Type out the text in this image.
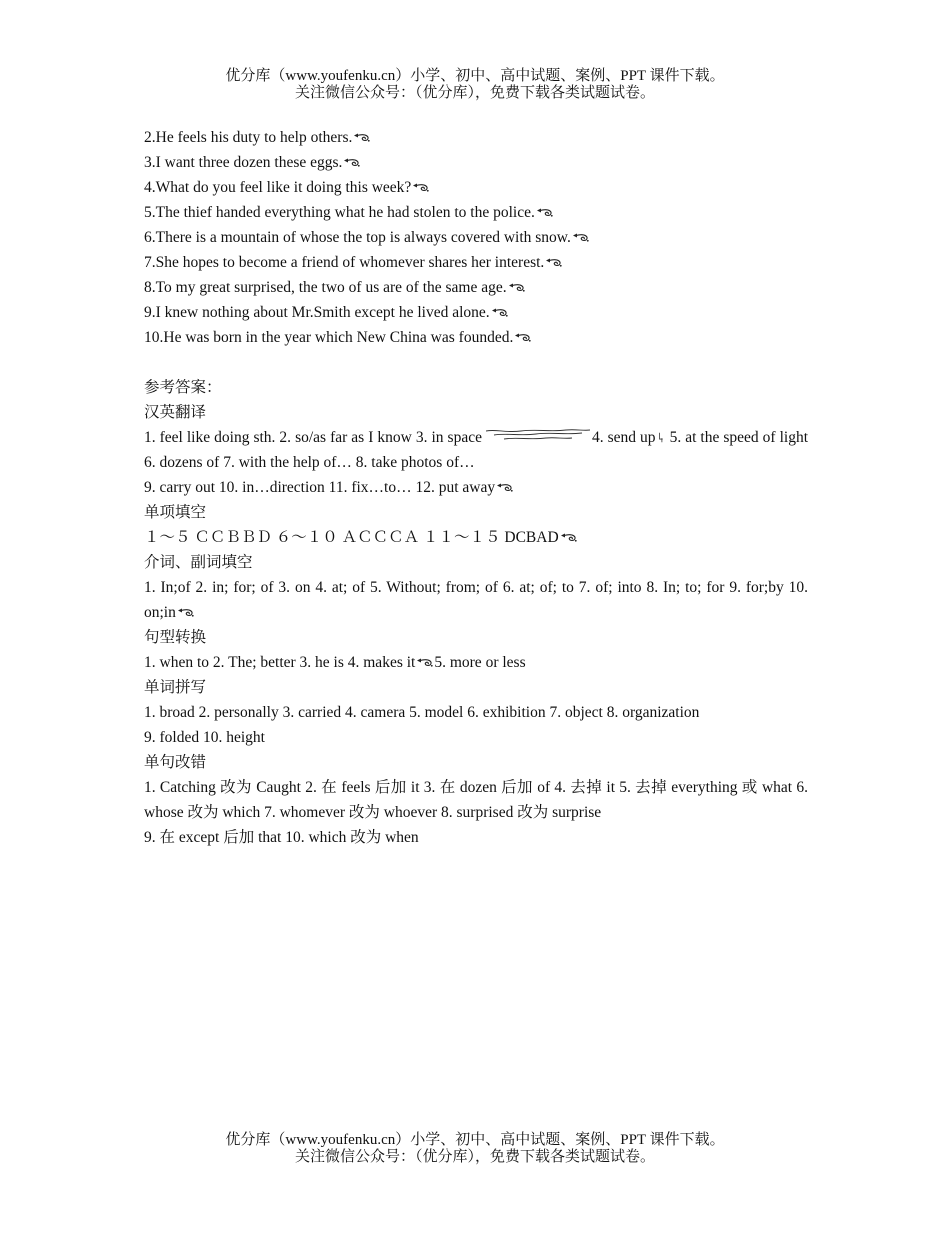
优分库（www.youfenku.cn）小学、初中、高中试题、案例、PPT 课件下载。
关注微信公众号：（优分库），免费下载各类试题试卷。
2.He feels his duty to help others.
3.I want three dozen these eggs.
4.What do you feel like it doing this week?
5.The thief handed everything what he had stolen to the police.
6.There is a mountain of whose the top is always covered with snow.
7.She hopes to become a friend of whomever shares her interest.
8.To my great surprised, the two of us are of the same age.
9.I knew nothing about Mr.Smith except he lived alone.
10.He was born in the year which New China was founded.
参考答案：
汉英翻译
1. feel like doing sth. 2. so/as far as I know 3. in space	4. send up 5. at the speed of light 6. dozens of 7. with the help of… 8. take photos of…
9. carry out 10. in…direction 11. fix…to… 12. put away
单项填空
１～５ ＣＣＢＢＤ ６～１０ ＡＣＣＣＡ １１～１５ DCBAD
介词、副词填空
1. In;of 2. in; for; of 3. on 4. at; of 5. Without; from; of 6. at; of; to 7. of; into 8. In; to; for 9. for;by 10. on;in
句型转换
1. when to 2. The; better 3. he is 4. makes it 5. more or less
单词拼写
1. broad 2. personally 3. carried 4. camera 5. model 6. exhibition 7. object 8. organization
9. folded 10. height
单句改错
1. Catching 改为 Caught 2. 在 feels 后加 it 3. 在 dozen 后加 of 4. 去掉 it 5. 去掉 everything 或 what 6. whose 改为 which 7. whomever 改为 whoever 8. surprised 改为 surprise
9. 在 except 后加 that 10. which 改为 when
优分库（www.youfenku.cn）小学、初中、高中试题、案例、PPT 课件下载。
关注微信公众号：（优分库），免费下载各类试题试卷。
